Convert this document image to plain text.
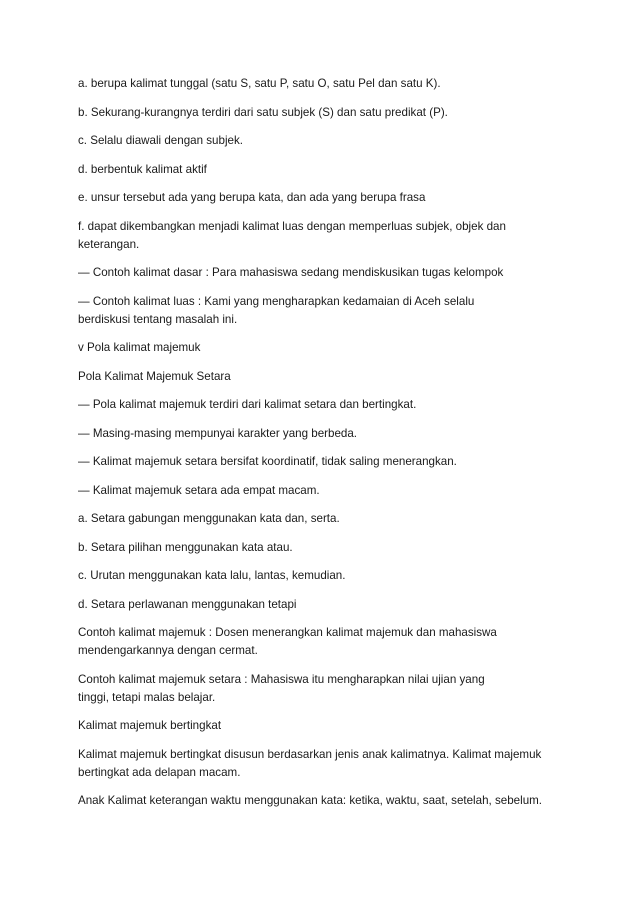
a. berupa kalimat tunggal (satu S, satu P, satu O, satu Pel dan satu K).
b. Sekurang-kurangnya terdiri dari satu subjek (S) dan satu predikat (P).
c. Selalu diawali dengan subjek.
d. berbentuk kalimat aktif
e. unsur tersebut ada yang berupa kata, dan ada yang berupa frasa
f. dapat dikembangkan menjadi kalimat luas dengan memperluas subjek, objek dan
keterangan.
— Contoh kalimat dasar : Para mahasiswa sedang mendiskusikan tugas kelompok
— Contoh kalimat luas : Kami yang mengharapkan kedamaian di Aceh selalu
berdiskusi tentang masalah ini.
v Pola kalimat majemuk
Pola Kalimat Majemuk Setara
— Pola kalimat majemuk terdiri dari kalimat setara dan bertingkat.
— Masing-masing mempunyai karakter yang berbeda.
— Kalimat majemuk setara bersifat koordinatif, tidak saling menerangkan.
— Kalimat majemuk setara ada empat macam.
a. Setara gabungan menggunakan kata dan, serta.
b. Setara pilihan menggunakan kata atau.
c. Urutan menggunakan kata lalu, lantas, kemudian.
d. Setara perlawanan menggunakan tetapi
Contoh kalimat majemuk : Dosen menerangkan kalimat majemuk dan mahasiswa
mendengarkannya dengan cermat.
Contoh kalimat majemuk setara : Mahasiswa itu mengharapkan nilai ujian yang
tinggi, tetapi malas belajar.
Kalimat majemuk bertingkat
Kalimat majemuk bertingkat disusun berdasarkan jenis anak kalimatnya. Kalimat majemuk
bertingkat ada delapan macam.
Anak Kalimat keterangan waktu menggunakan kata: ketika, waktu, saat, setelah, sebelum.
